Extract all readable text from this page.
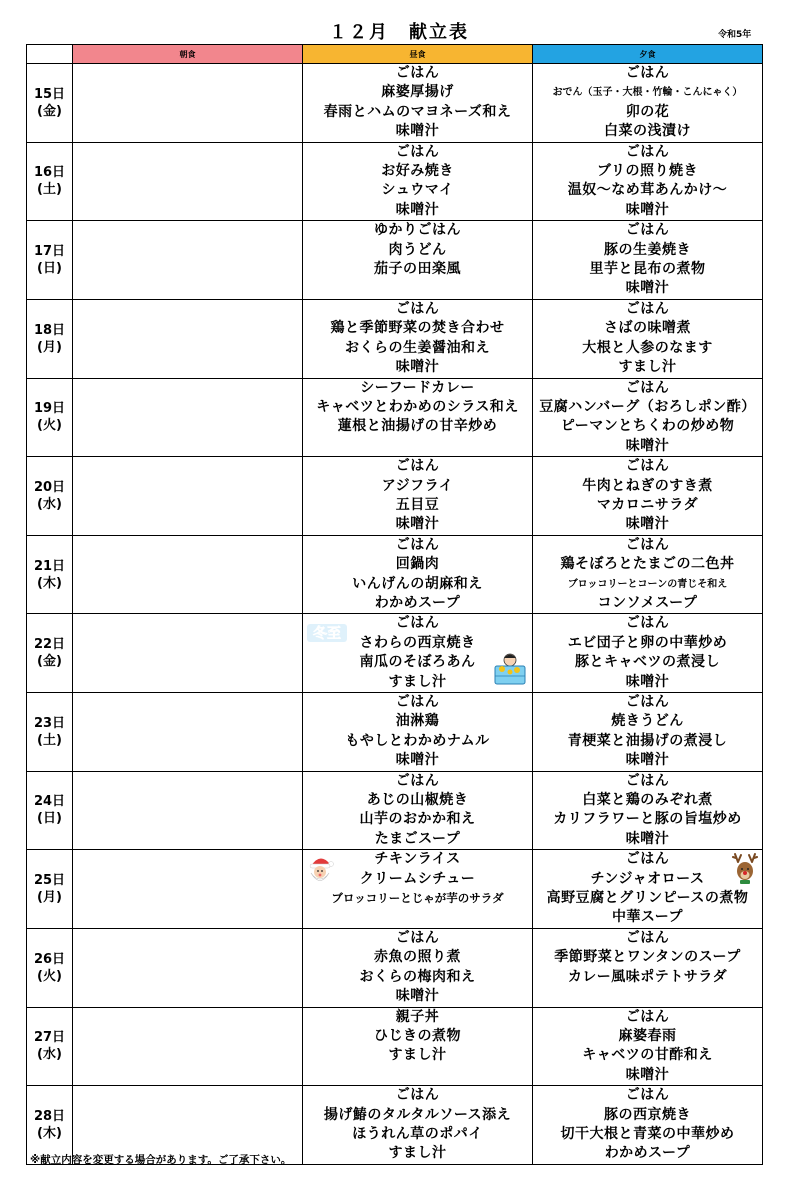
１２月　献立表	令和5年
	朝食	昼食	夕食
15日
(金)		ごはん
麻婆厚揚げ
春雨とハムのマヨネーズ和え
味噌汁	ごはん
おでん（玉子・大根・竹輪・こんにゃく）
卯の花
白菜の浅漬け

16日
(土)		ごはん
お好み焼き
シュウマイ
味噌汁	ごはん
ブリの照り焼き
温奴～なめ茸あんかけ～
味噌汁

17日
(日)		ゆかりごはん
肉うどん
茄子の田楽風	ごはん
豚の生姜焼き
里芋と昆布の煮物
味噌汁

18日
(月)		ごはん
鶏と季節野菜の焚き合わせ
おくらの生姜醤油和え
味噌汁	ごはん
さばの味噌煮
大根と人参のなます
すまし汁

19日
(火)		シーフードカレー
キャベツとわかめのシラス和え
蓮根と油揚げの甘辛炒め	ごはん
豆腐ハンバーグ（おろしポン酢）
ピーマンとちくわの炒め物
味噌汁

20日
(水)		ごはん
アジフライ
五目豆
味噌汁	ごはん
牛肉とねぎのすき煮
マカロニサラダ
味噌汁

21日
(木)		ごはん
回鍋肉
いんげんの胡麻和え
わかめスープ	ごはん
鶏そぼろとたまごの二色丼
ブロッコリーとコーンの青じそ和え
コンソメスープ

22日
(金)		ごはん
さわらの西京焼き
南瓜のそぼろあん
すまし汁
冬至	ごはん
エビ団子と卵の中華炒め
豚とキャベツの煮浸し
味噌汁

23日
(土)		ごはん
油淋鶏
もやしとわかめナムル
味噌汁	ごはん
焼きうどん
青梗菜と油揚げの煮浸し
味噌汁

24日
(日)		ごはん
あじの山椒焼き
山芋のおかか和え
たまごスープ	ごはん
白菜と鶏のみぞれ煮
カリフラワーと豚の旨塩炒め
味噌汁

25日
(月)		チキンライス
クリームシチュー
ブロッコリーとじゃが芋のサラダ	ごはん
チンジャオロース
高野豆腐とグリンピースの煮物
中華スープ

26日
(火)		ごはん
赤魚の照り煮
おくらの梅肉和え
味噌汁	ごはん
季節野菜とワンタンのスープ
カレー風味ポテトサラダ

27日
(水)		親子丼
ひじきの煮物
すまし汁	ごはん
麻婆春雨
キャベツの甘酢和え
味噌汁

28日
(木)		ごはん
揚げ鰆のタルタルソース添え
ほうれん草のポパイ
すまし汁	ごはん
豚の西京焼き
切干大根と青菜の中華炒め
わかめスープ
※献立内容を変更する場合があります。ご了承下さい。
